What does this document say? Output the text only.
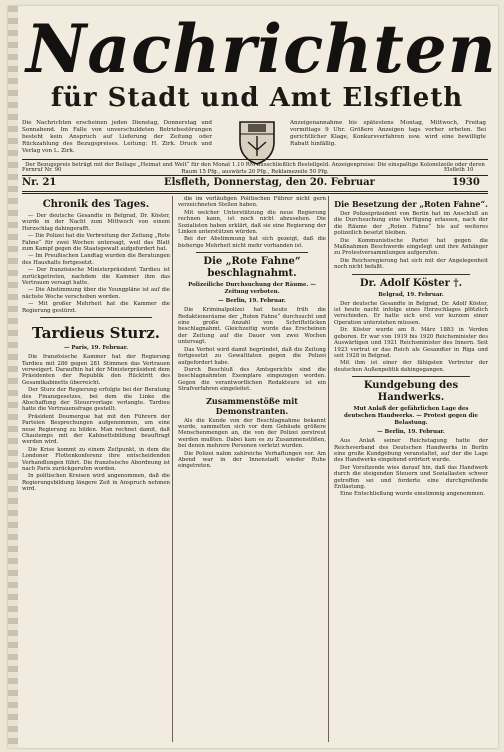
Nachrichten
für Stadt und Amt Elsfleth
Die Nachrichten erscheinen jeden Dienstag, Donnerstag und Sonnabend. Im Falle von unverschuldeten Betriebsstörungen besteht kein Anspruch auf Lieferung der Zeitung oder Rückzahlung des Bezugspreises. Leitung: H. Zirk. Druck und Verlag von L. Zirk.
Anzeigenannahme bis spätestens Montag, Mittwoch, Freitag vormittags 9 Uhr. Größere Anzeigen tags vorher erbeten. Bei gerichtlicher Klage, Konkursverfahren usw. wird eine bewilligte Rabatt hinfällig.
Der Bezugspreis beträgt mit der Beilage „Heimat und Welt“ für den Monat 1.10 RM ausschließlich Bestellgeld. Anzeigenpreise: Die einspaltige Kolonelzeile oder deren Raum 15 Pfg., auswärts 20 Pfg., Reklamezeile 50 Pfg.
Fernruf Nr. 90	Elsfleth 10
Nr. 21	Elsfleth, Donnerstag, den 20. Februar	1930
Chronik des Tages.

— Der deutsche Gesandte in Belgrad, Dr. Köster, wurde in der Nacht zum Mittwoch von einem Herzschlag dahingerafft.

— Die Polizei hat die Verbreitung der Zeitung „Rote Fahne“ für zwei Wochen untersagt, weil das Blatt zum Kampf gegen die Staatsgewalt aufgefordert hat.

— Im Preußischen Landtag wurden die Beratungen des Haushalts fortgesetzt.

— Der französische Ministerpräsident Tardieu ist zurückgetreten, nachdem die Kammer ihm das Vertrauen versagt hatte.

— Die Abstimmung über die Youngpläne ist auf die nächste Woche verschoben worden.

— Mit großer Mehrheit hat die Kammer die Regierung gestürzt.

Tardieus Sturz.
— Paris, 19. Februar.

Die französische Kammer hat der Regierung Tardieu mit 286 gegen 281 Stimmen das Vertrauen verweigert. Daraufhin hat der Ministerpräsident dem Präsidenten der Republik den Rücktritt des Gesamtkabinetts überreicht.

Der Sturz der Regierung erfolgte bei der Beratung des Finanzgesetzes, bei dem die Linke die Abschaffung der Steuervorlage verlangte. Tardieu hatte die Vertrauensfrage gestellt.

Präsident Doumergue hat mit den Führern der Parteien Besprechungen aufgenommen, um eine neue Regierung zu bilden. Man rechnet damit, daß Chautemps mit der Kabinettsbildung beauftragt werden wird.

Die Krise kommt zu einem Zeitpunkt, in dem die Londoner Flottenkonferenz ihre entscheidenden Verhandlungen führt. Die französische Abordnung ist nach Paris zurückgerufen worden.

In politischen Kreisen wird angenommen, daß die Regierungsbildung längere Zeit in Anspruch nehmen wird.

die im vorläufigen Politischen Führer nicht gern verzeichneten Stellen haben.

Mit welcher Unterstützung die neue Regierung rechnen kann, ist noch nicht abzusehen. Die Sozialisten haben erklärt, daß sie eine Regierung der Linken unterstützen würden.

Bei der Abstimmung hat sich gezeigt, daß die bisherige Mehrheit nicht mehr vorhanden ist.

Die „Rote Fahne“ beschlagnahmt.
Polizeiliche Durchsuchung der Räume. — Zeitung verboten.
— Berlin, 19. Februar.

Die Kriminalpolizei hat heute früh die Redaktionsräume der „Roten Fahne“ durchsucht und eine große Anzahl von Schriftstücken beschlagnahmt. Gleichzeitig wurde das Erscheinen der Zeitung auf die Dauer von zwei Wochen untersagt.

Das Verbot wird damit begründet, daß die Zeitung fortgesetzt zu Gewalttaten gegen die Polizei aufgefordert habe.

Durch Beschluß des Amtsgerichts sind die beschlagnahmten Exemplare eingezogen worden. Gegen die verantwortlichen Redakteure ist ein Strafverfahren eingeleitet.

Zusammenstöße mit Demonstranten.

Als die Kunde von der Beschlagnahme bekannt wurde, sammelten sich vor dem Gebäude größere Menschenmengen an, die von der Polizei zerstreut werden mußten. Dabei kam es zu Zusammenstößen, bei denen mehrere Personen verletzt wurden.

Die Polizei nahm zahlreiche Verhaftungen vor. Am Abend war in der Innenstadt wieder Ruhe eingetreten.

Die Besetzung der „Roten Fahne“.

Der Polizeipräsident von Berlin hat im Anschluß an die Durchsuchung eine Verfügung erlassen, nach der die Räume der „Roten Fahne“ bis auf weiteres polizeilich besetzt bleiben.

Die Kommunistische Partei hat gegen die Maßnahmen Beschwerde eingelegt und ihre Anhänger zu Protestversammlungen aufgerufen.

Die Reichsregierung hat sich mit der Angelegenheit noch nicht befaßt.

Dr. Adolf Köster †.
Belgrad, 19. Februar.

Der deutsche Gesandte in Belgrad, Dr. Adolf Köster, ist heute nacht infolge eines Herzschlages plötzlich verschieden. Er hatte sich erst vor kurzem einer Operation unterziehen müssen.

Dr. Köster wurde am 8. März 1883 in Verden geboren. Er war von 1919 bis 1920 Reichsminister des Auswärtigen und 1921 Reichsminister des Innern. Seit 1923 vertrat er das Reich als Gesandter in Riga und seit 1928 in Belgrad.

Mit ihm ist einer der fähigsten Vertreter der deutschen Außenpolitik dahingegangen.

Kundgebung des Handwerks.
Mut Anlaß der gefährlichen Lage des deutschen Handwerks. — Protest gegen die Belastung.
— Berlin, 19. Februar.

Aus Anlaß seiner Reichstagung hatte der Reichsverband des Deutschen Handwerks in Berlin eine große Kundgebung veranstaltet, auf der die Lage des Handwerks eingehend erörtert wurde.

Der Vorsitzende wies darauf hin, daß das Handwerk durch die steigenden Steuern und Soziallasten schwer getroffen sei und forderte eine durchgreifende Entlastung.

Eine Entschließung wurde einstimmig angenommen.
